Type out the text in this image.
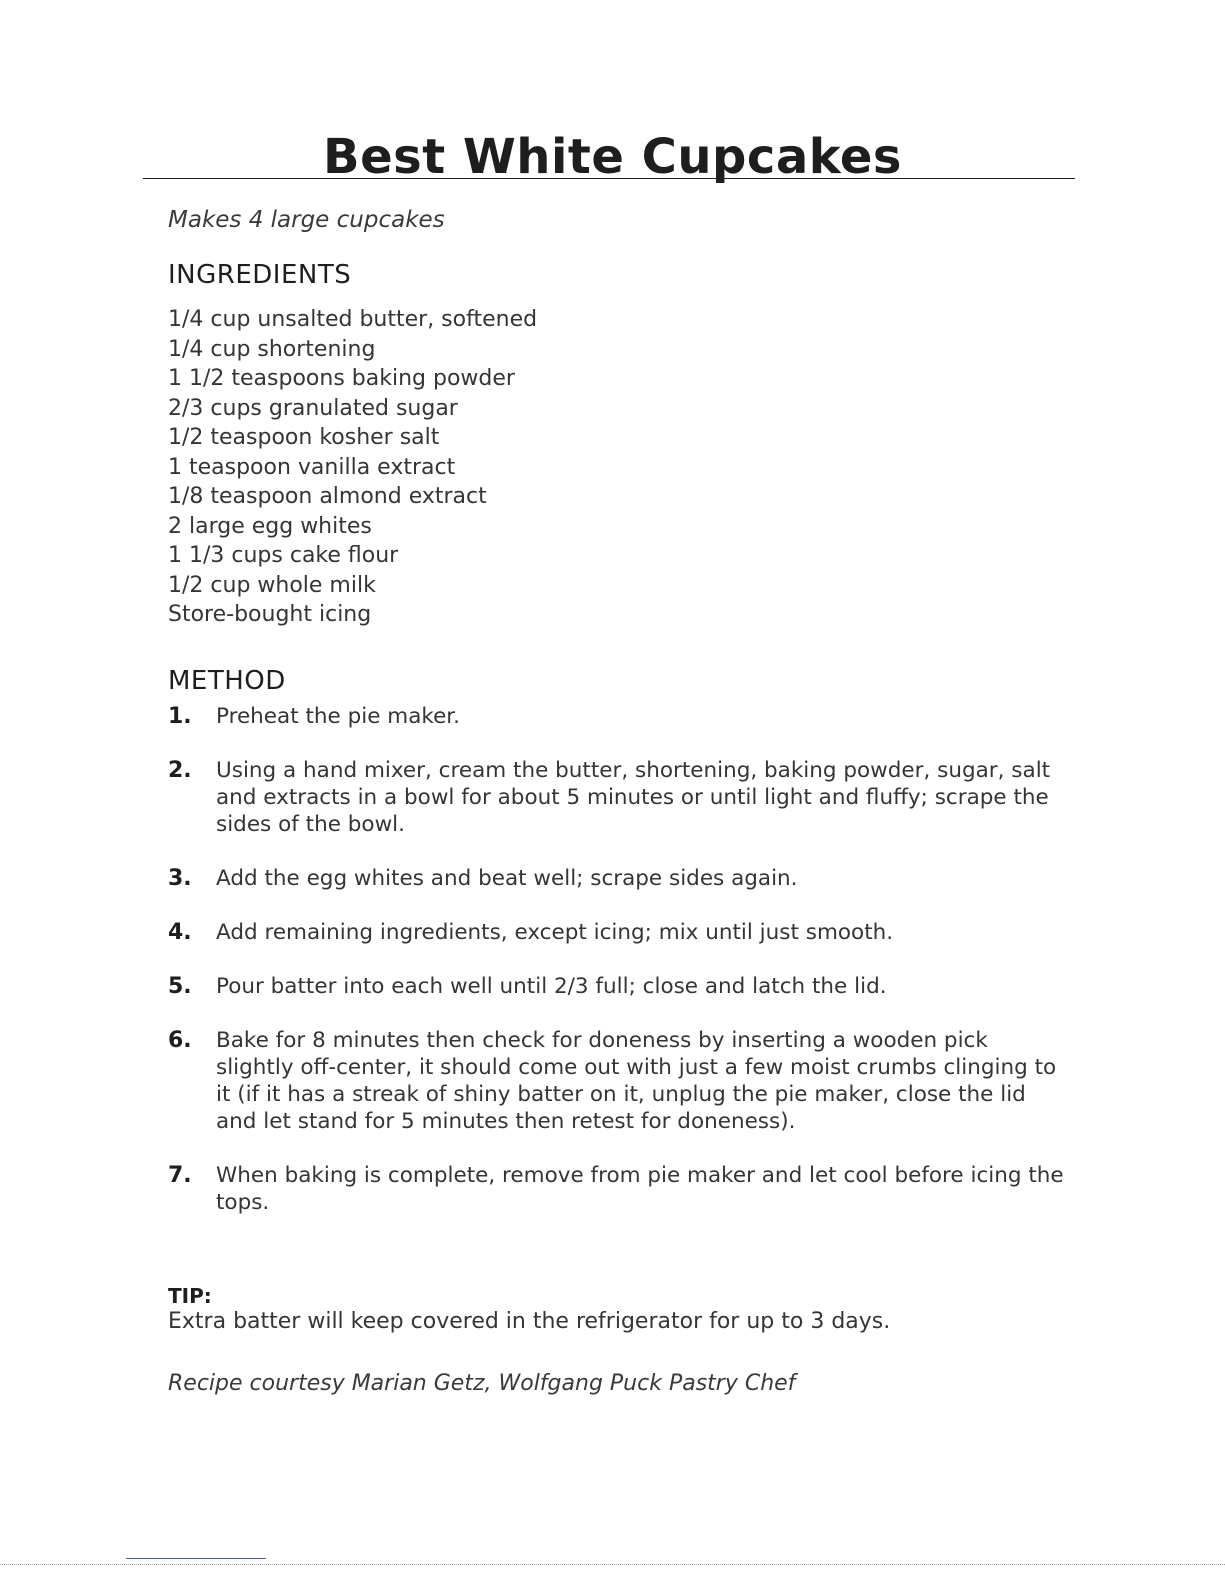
Best White Cupcakes
Makes 4 large cupcakes
INGREDIENTS
1/4 cup unsalted butter, softened
1/4 cup shortening
1 1/2 teaspoons baking powder
2/3 cups granulated sugar
1/2 teaspoon kosher salt
1 teaspoon vanilla extract
1/8 teaspoon almond extract
2 large egg whites
1 1/3 cups cake flour
1/2 cup whole milk
Store-bought icing
METHOD
1.	Preheat the pie maker.
2.	Using a hand mixer, cream the butter, shortening, baking powder, sugar, salt and extracts in a bowl for about 5 minutes or until light and fluffy; scrape the sides of the bowl.
3.	Add the egg whites and beat well; scrape sides again.
4.	Add remaining ingredients, except icing; mix until just smooth.
5.	Pour batter into each well until 2/3 full; close and latch the lid.
6.	Bake for 8 minutes then check for doneness by inserting a wooden pick slightly off-center, it should come out with just a few moist crumbs clinging to it (if it has a streak of shiny batter on it, unplug the pie maker, close the lid and let stand for 5 minutes then retest for doneness).
7.	When baking is complete, remove from pie maker and let cool before icing the tops.
TIP:
Extra batter will keep covered in the refrigerator for up to 3 days.
Recipe courtesy Marian Getz, Wolfgang Puck Pastry Chef
